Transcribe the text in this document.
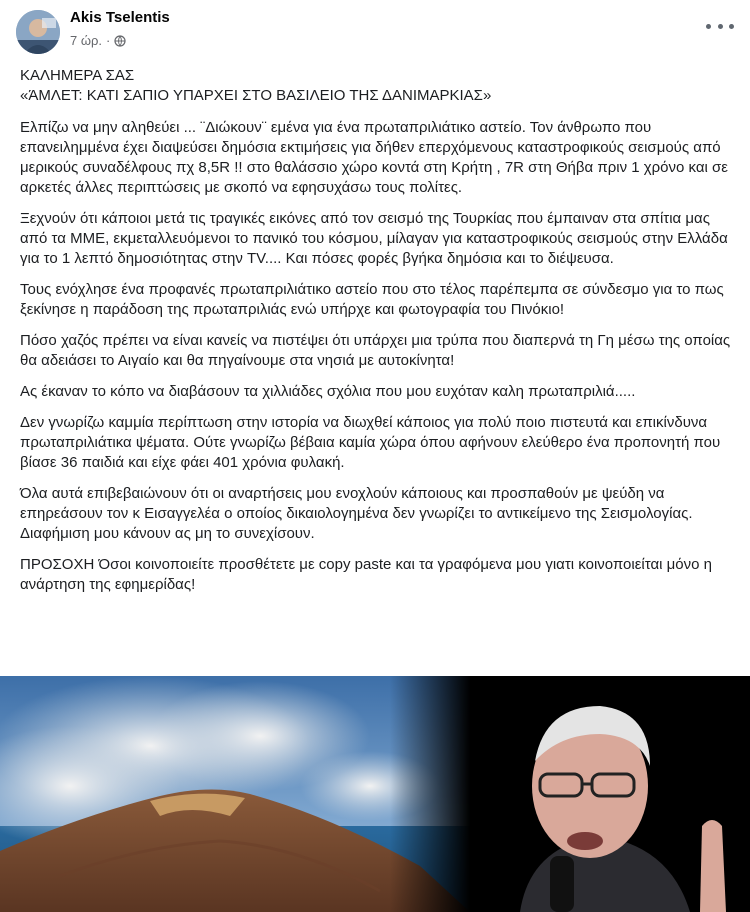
Akis Tselentis
7 ώρ. ·

ΚΑΛΗΜΕΡΑ ΣΑΣ
«ΆΜΛΕΤ: ΚΑΤΙ ΣΑΠΙΟ ΥΠΑΡΧΕΙ ΣΤΟ ΒΑΣΙΛΕΙΟ ΤΗΣ ΔΑΝΙΜΑΡΚΙΑΣ»

Ελπίζω να μην αληθεύει ... ¨Διώκουν¨ εμένα για ένα πρωταπριλιάτικο αστείο. Τον άνθρωπο που επανειλημμένα έχει διαψεύσει δημόσια εκτιμήσεις για δήθεν επερχόμενους καταστροφικούς σεισμούς από μερικούς συναδέλφους πχ 8,5R !! στο θαλάσσιο χώρο κοντά στη Κρήτη , 7R στη Θήβα πριν 1 χρόνο και σε αρκετές άλλες περιπτώσεις με σκοπό να εφησυχάσω τους πολίτες.

Ξεχνούν ότι κάποιοι μετά τις τραγικές εικόνες από τον σεισμό της Τουρκίας που έμπαιναν στα σπίτια μας από τα ΜΜΕ, εκμεταλλευόμενοι το πανικό του κόσμου, μίλαγαν για καταστροφικούς σεισμούς στην Ελλάδα για το 1 λεπτό δημοσιότητας στην TV.... Και πόσες φορές βγήκα δημόσια και το διέψευσα.

Τους ενόχλησε ένα προφανές πρωταπριλιάτικο αστείο που στο τέλος παρέπεμπα σε σύνδεσμο για το πως ξεκίνησε η παράδοση της πρωταπριλιάς ενώ υπήρχε και φωτογραφία του Πινόκιο!

Πόσο χαζός πρέπει να είναι κανείς να πιστέψει ότι υπάρχει μια τρύπα που διαπερνά τη Γη μέσω της οποίας θα αδειάσει το Αιγαίο και θα πηγαίνουμε στα νησιά με αυτοκίνητα!

Ας έκαναν το κόπο να διαβάσουν τα χιλλιάδες σχόλια που μου ευχόταν καλη πρωταπριλιά.....

Δεν γνωρίζω καμμία περίπτωση στην ιστορία να διωχθεί κάποιος για πολύ ποιο πιστευτά και επικίνδυνα πρωταπριλιάτικα ψέματα. Ούτε γνωρίζω βέβαια καμία χώρα όπου αφήνουν ελεύθερο ένα προπονητή που βίασε 36 παιδιά και είχε φάει 401 χρόνια φυλακή.

Όλα αυτά επιβεβαιώνουν ότι οι αναρτήσεις μου ενοχλούν κάποιους και προσπαθούν με ψεύδη να επηρεάσουν τον κ Εισαγγελέα ο οποίος δικαιολογημένα δεν γνωρίζει το αντικείμενο της Σεισμολογίας. Διαφήμιση μου κάνουν ας μη το συνεχίσουν.

ΠΡΟΣΟΧΗ Όσοι κοινοποιείτε προσθέτετε με copy paste και τα γραφόμενα μου γιατι κοινοποιείται μόνο η ανάρτηση της εφημερίδας!
